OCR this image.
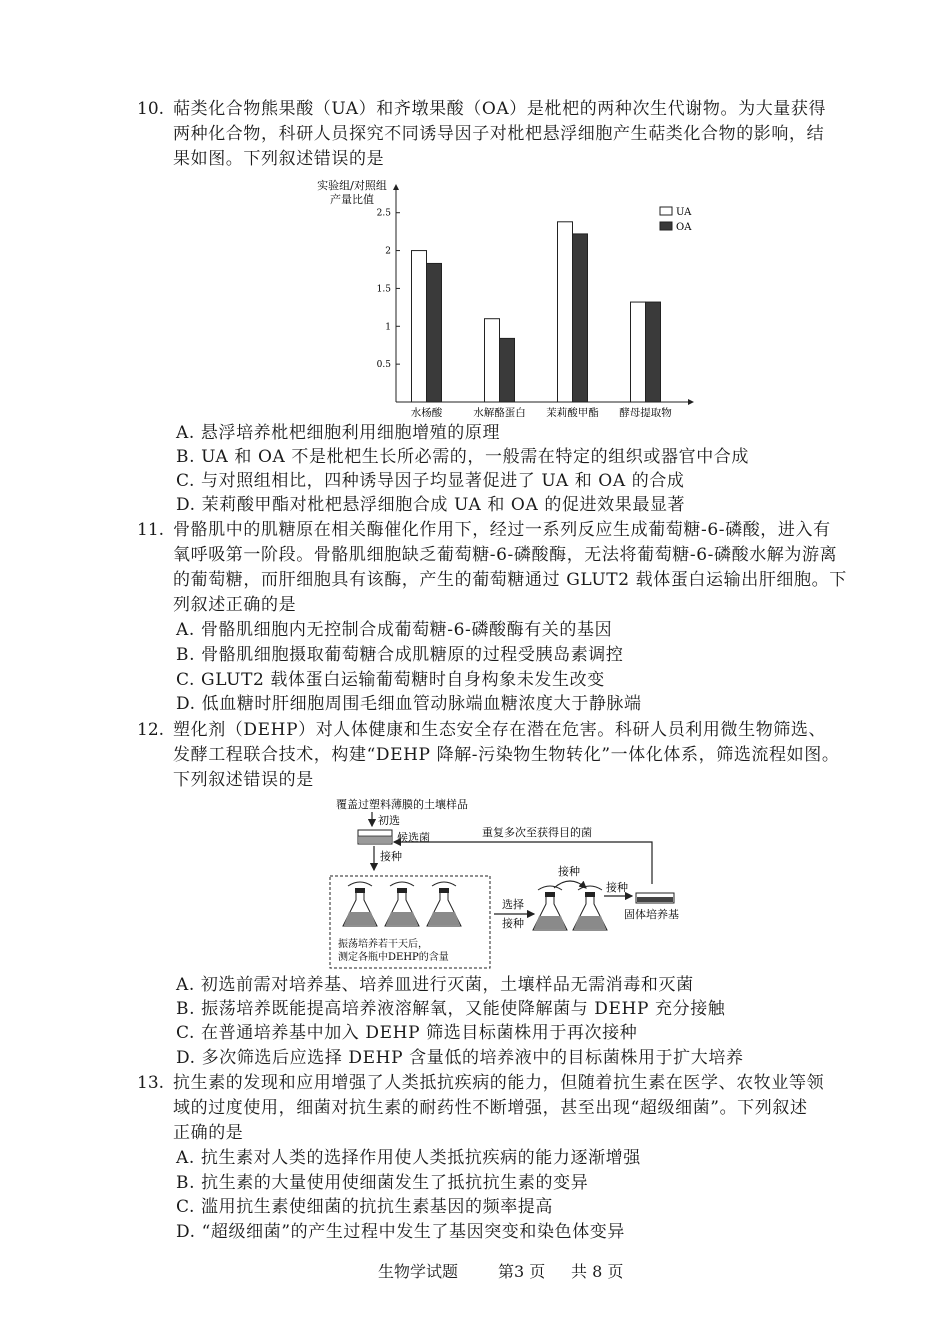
10. 萜类化合物熊果酸（UA）和齐墩果酸（OA）是枇杷的两种次生代谢物。为大量获得
两种化合物，科研人员探究不同诱导因子对枇杷悬浮细胞产生萜类化合物的影响，结
果如图。下列叙述错误的是
实验组/对照组
产量比值
0.5
1
1.5
2
2.5
水杨酸	水解酪蛋白 茉莉酸甲酯 酵母提取物
UA
OA
A. 悬浮培养枇杷细胞利用细胞增殖的原理
B. UA 和 OA 不是枇杷生长所必需的，一般需在特定的组织或器官中合成
C. 与对照组相比，四种诱导因子均显著促进了 UA 和 OA 的合成
D. 茉莉酸甲酯对枇杷悬浮细胞合成 UA 和 OA 的促进效果最显著
11. 骨骼肌中的肌糖原在相关酶催化作用下，经过一系列反应生成葡萄糖-6-磷酸，进入有
氧呼吸第一阶段。骨骼肌细胞缺乏葡萄糖-6-磷酸酶，无法将葡萄糖-6-磷酸水解为游离
的葡萄糖，而肝细胞具有该酶，产生的葡萄糖通过 GLUT2 载体蛋白运输出肝细胞。下
列叙述正确的是
A. 骨骼肌细胞内无控制合成葡萄糖-6-磷酸酶有关的基因
B. 骨骼肌细胞摄取葡萄糖合成肌糖原的过程受胰岛素调控
C. GLUT2 载体蛋白运输葡萄糖时自身构象未发生改变
D. 低血糖时肝细胞周围毛细血管动脉端血糖浓度大于静脉端
12. 塑化剂（DEHP）对人体健康和生态安全存在潜在危害。科研人员利用微生物筛选、
发酵工程联合技术，构建“DEHP 降解-污染物生物转化”一体化体系，筛选流程如图。
下列叙述错误的是
覆盖过塑料薄膜的土壤样品
初选
候选菌
接种
重复多次至获得目的菌
振荡培养若干天后，
测定各瓶中DEHP的含量
选择
接种
接种
接种
固体培养基
A. 初选前需对培养基、培养皿进行灭菌，土壤样品无需消毒和灭菌
B. 振荡培养既能提高培养液溶解氧，又能使降解菌与 DEHP 充分接触
C. 在普通培养基中加入 DEHP 筛选目标菌株用于再次接种
D. 多次筛选后应选择 DEHP 含量低的培养液中的目标菌株用于扩大培养
13. 抗生素的发现和应用增强了人类抵抗疾病的能力，但随着抗生素在医学、农牧业等领
域的过度使用，细菌对抗生素的耐药性不断增强，甚至出现“超级细菌”。下列叙述
正确的是
A. 抗生素对人类的选择作用使人类抵抗疾病的能力逐渐增强
B. 抗生素的大量使用使细菌发生了抵抗抗生素的变异
C. 滥用抗生素使细菌的抗抗生素基因的频率提高
D. “超级细菌”的产生过程中发生了基因突变和染色体变异
生物学试题 第3 页 共 8 页
